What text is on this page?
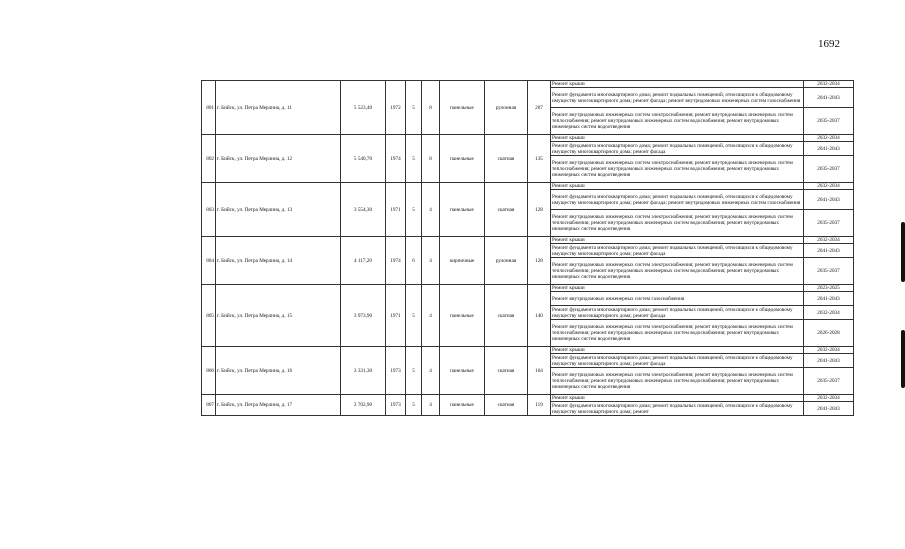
1692
801	г. Бийск, ул. Петра Мерлина, д. 11	5 523,40	1972	5	8	панельные	рулонная	207	Ремонт крыши	2032-2034
									Ремонт фундамента многоквартирного дома; ремонт подвальных помещений, относящихся к общедомовому имуществу многоквартирного дома; ремонт фасада; ремонт внутридомовых инженерных систем газоснабжения	2041-2043
									Ремонт внутридомовых инженерных систем электроснабжения; ремонт внутридомовых инженерных систем теплоснабжения; ремонт внутридомовых инженерных систем водоснабжения; ремонт внутридомовых инженерных систем водоотведения	2035-2037
802	г. Бийск, ул. Петра Мерлина, д. 12	5 540,70	1974	5	8	панельные	скатная	135	Ремонт крыши	2032-2034
									Ремонт фундамента многоквартирного дома; ремонт подвальных помещений, относящихся к общедомовому имуществу многоквартирного дома; ремонт фасада	2041-2043
									Ремонт внутридомовых инженерных систем электроснабжения; ремонт внутридомовых инженерных систем теплоснабжения; ремонт внутридомовых инженерных систем водоснабжения; ремонт внутридомовых инженерных систем водоотведения	2035-2037
803	г. Бийск, ул. Петра Мерлина, д. 13	3 554,30	1971	5	4	панельные	скатная	128	Ремонт крыши	2032-2034
									Ремонт фундамента многоквартирного дома; ремонт подвальных помещений, относящихся к общедомовому имуществу многоквартирного дома; ремонт фасада; ремонт внутридомовых инженерных систем газоснабжения	2041-2043
									Ремонт внутридомовых инженерных систем электроснабжения; ремонт внутридомовых инженерных систем теплоснабжения; ремонт внутридомовых инженерных систем водоснабжения; ремонт внутридомовых инженерных систем водоотведения	2035-2037
804	г. Бийск, ул. Петра Мерлина, д. 14	4 117,20	1974	6	4	кирпичные	рулонная	128	Ремонт крыши	2032-2034
									Ремонт фундамента многоквартирного дома; ремонт подвальных помещений, относящихся к общедомовому имуществу многоквартирного дома; ремонт фасада	2041-2043
									Ремонт внутридомовых инженерных систем электроснабжения; ремонт внутридомовых инженерных систем теплоснабжения; ремонт внутридомовых инженерных систем водоснабжения; ремонт внутридомовых инженерных систем водоотведения	2035-2037
805	г. Бийск, ул. Петра Мерлина, д. 15	3 973,90	1971	5	4	панельные	скатная	140	Ремонт крыши	2023-2025
									Ремонт внутридомовых инженерных систем газоснабжения	2041-2043
									Ремонт фундамента многоквартирного дома; ремонт подвальных помещений, относящихся к общедомовому имуществу многоквартирного дома; ремонт фасада	2032-2034
									Ремонт внутридомовых инженерных систем электроснабжения; ремонт внутридомовых инженерных систем теплоснабжения; ремонт внутридомовых инженерных систем водоснабжения; ремонт внутридомовых инженерных систем водоотведения	2026-2028
806	г. Бийск, ул. Петра Мерлина, д. 16	3 331,30	1973	5	4	панельные	скатная	164	Ремонт крыши	2032-2034
									Ремонт фундамента многоквартирного дома; ремонт подвальных помещений, относящихся к общедомовому имуществу многоквартирного дома; ремонт фасада	2041-2043
									Ремонт внутридомовых инженерных систем электроснабжения; ремонт внутридомовых инженерных систем теплоснабжения; ремонт внутридомовых инженерных систем водоснабжения; ремонт внутридомовых инженерных систем водоотведения	2035-2037
807	г. Бийск, ул. Петра Мерлина, д. 17	3 702,90	1973	5	4	панельные	скатная	119	Ремонт крыши	2032-2034
									Ремонт фундамента многоквартирного дома; ремонт подвальных помещений, относящихся к общедомовому имуществу многоквартирного дома; ремонт	2041-2043
